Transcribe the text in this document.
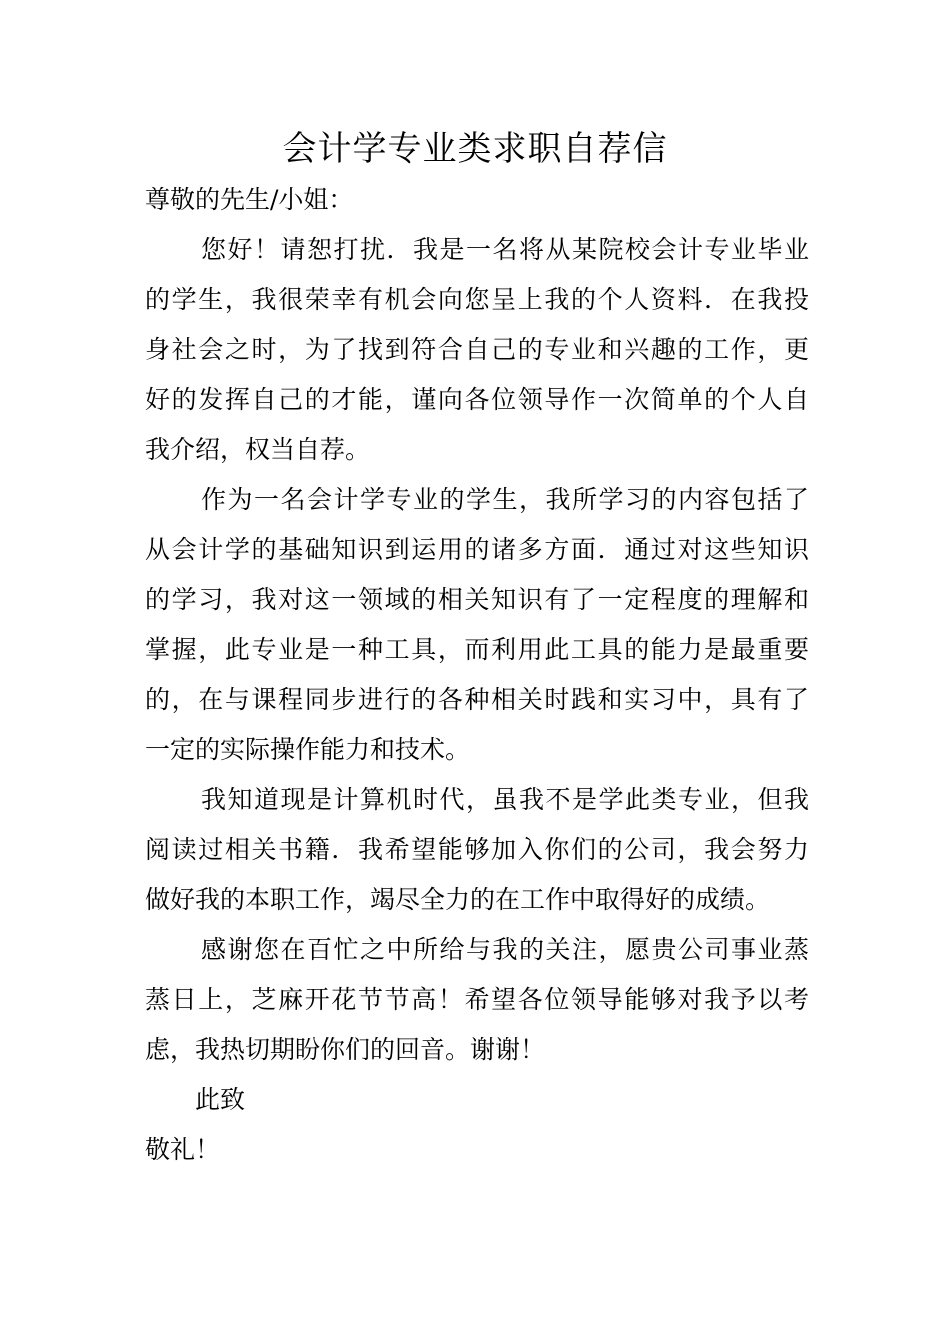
会计学专业类求职自荐信
尊敬的先生/小姐：
您好！请恕打扰．我是一名将从某院校会计专业毕业
的学生，我很荣幸有机会向您呈上我的个人资料．在我投
身社会之时，为了找到符合自己的专业和兴趣的工作，更
好的发挥自己的才能，谨向各位领导作一次简单的个人自
我介绍，权当自荐。
作为一名会计学专业的学生，我所学习的内容包括了
从会计学的基础知识到运用的诸多方面．通过对这些知识
的学习，我对这一领域的相关知识有了一定程度的理解和
掌握，此专业是一种工具，而利用此工具的能力是最重要
的，在与课程同步进行的各种相关时践和实习中，具有了
一定的实际操作能力和技术。
我知道现是计算机时代，虽我不是学此类专业，但我
阅读过相关书籍．我希望能够加入你们的公司，我会努力
做好我的本职工作，竭尽全力的在工作中取得好的成绩。
感谢您在百忙之中所给与我的关注，愿贵公司事业蒸
蒸日上，芝麻开花节节高！希望各位领导能够对我予以考
虑，我热切期盼你们的回音。谢谢！
此致
敬礼！
